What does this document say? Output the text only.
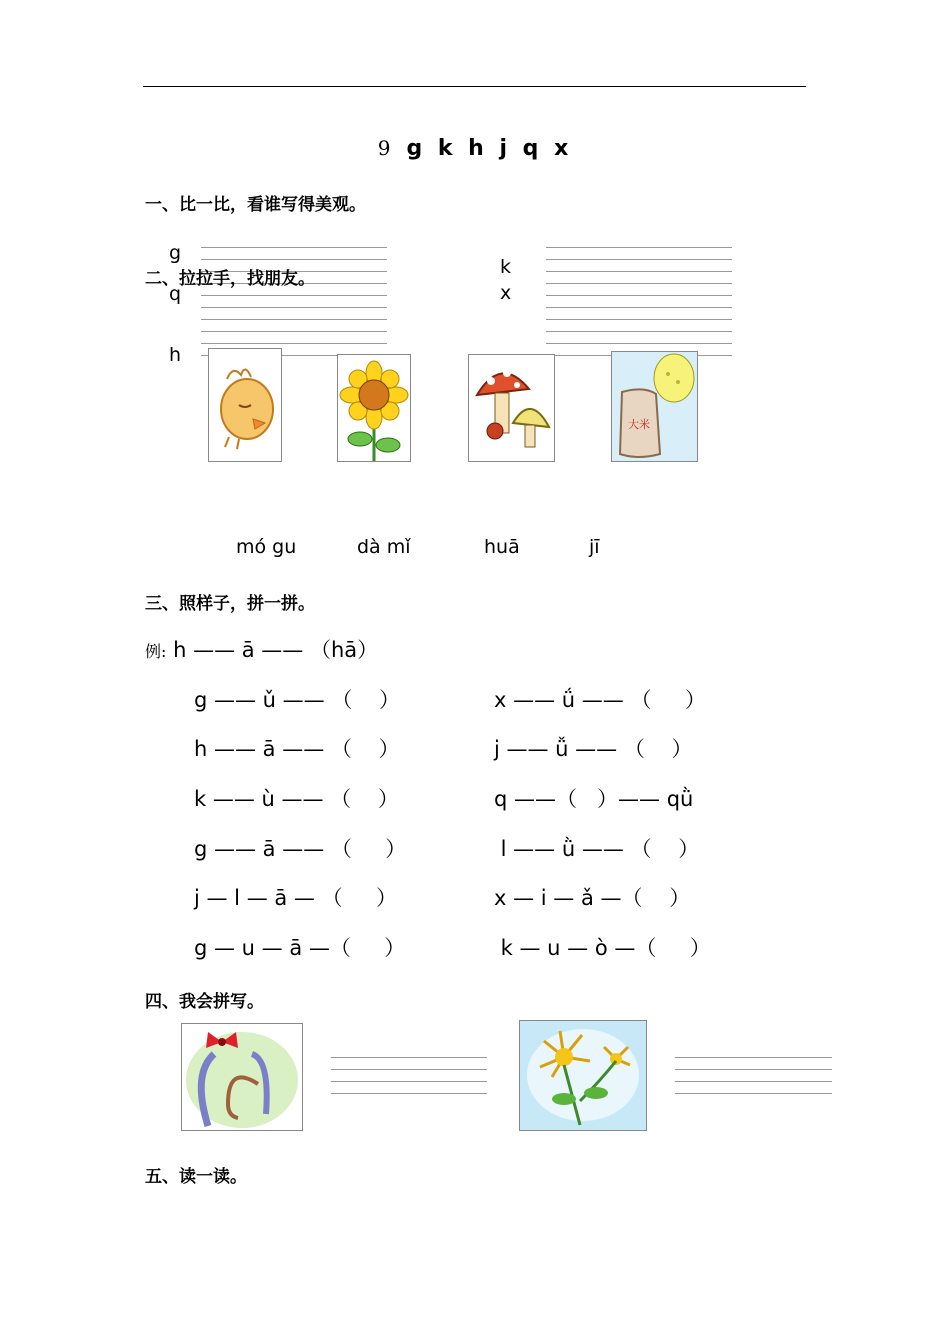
9 g k h j q x
一、比一比，看谁写得美观。
g
q
h
k
x
二、拉拉手，找朋友。
大米
mó gu	dà mǐ	huā	jī
三、照样子，拼一拼。
例: h —— ā —— （hā）
g —— ǔ —— （    ）	x —— ǘ —— （     ）
h —— ā —— （    ）	j —— ǚ —— （    ）
k —— ù —— （    ）	q ——（   ）—— qǜ
g —— ā —— （     ）	l —— ǜ —— （    ）
j — l — ā — （     ）	x — i — ǎ —（    ）
g — u — ā —（     ）	k — u — ò —（     ）
四、我会拼写。
五、读一读。
